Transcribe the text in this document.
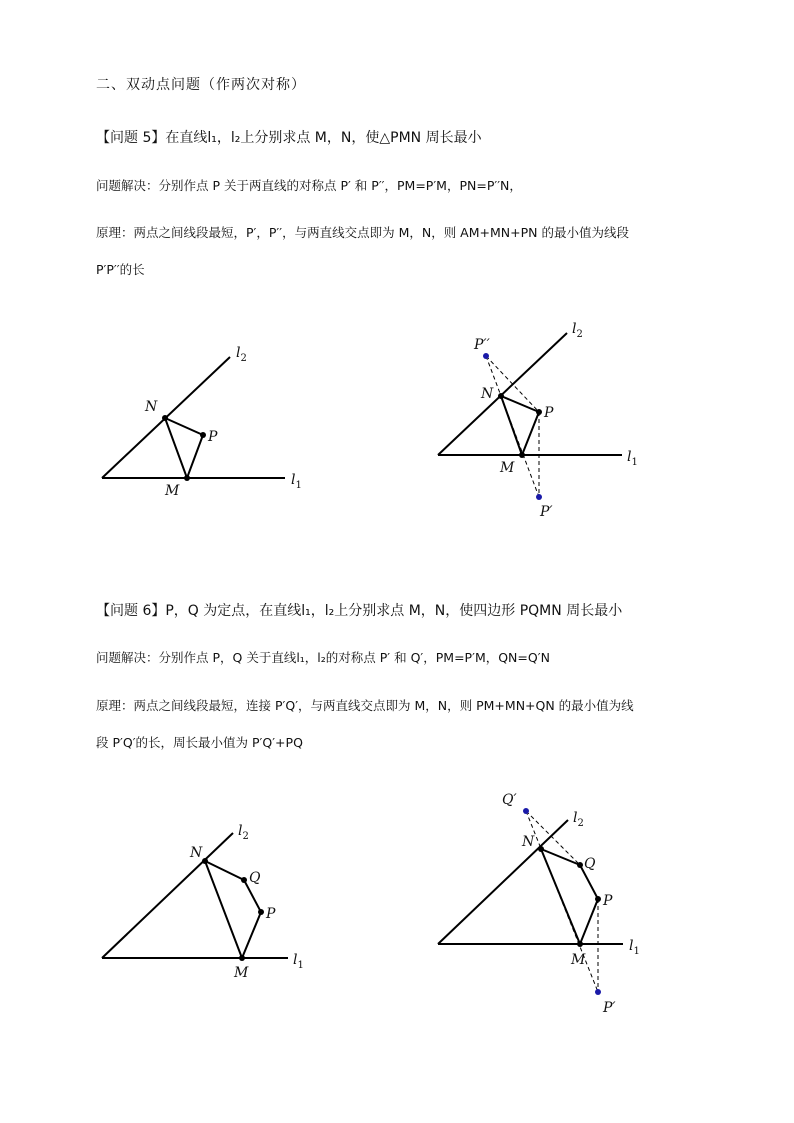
二、双动点问题（作两次对称）
【问题 5】在直线l₁，l₂上分别求点 M，N，使△PMN 周长最小
问题解决：分别作点 P 关于两直线的对称点 P′ 和 P′′，PM=P′M，PN=P′′N，
原理：两点之间线段最短，P′，P′′，与两直线交点即为 M，N，则 AM+MN+PN 的最小值为线段
P′P′′的长
【问题 6】P，Q 为定点，在直线l₁，l₂上分别求点 M，N，使四边形 PQMN 周长最小
问题解决：分别作点 P，Q 关于直线l₁，l₂的对称点 P′ 和 Q′，PM=P′M，QN=Q′N
原理：两点之间线段最短，连接 P′Q′，与两直线交点即为 M，N，则 PM+MN+QN 的最小值为线
段 P′Q′的长，周长最小值为 P′Q′+PQ
$l_2$
$l_1$
N
P
M
$l_2$
$l_1$
P′′
N
P
M
P′
$l_2$
$l_1$
N
Q
P
M
$l_2$
$l_1$
Q′
N
Q
P
M
P′
